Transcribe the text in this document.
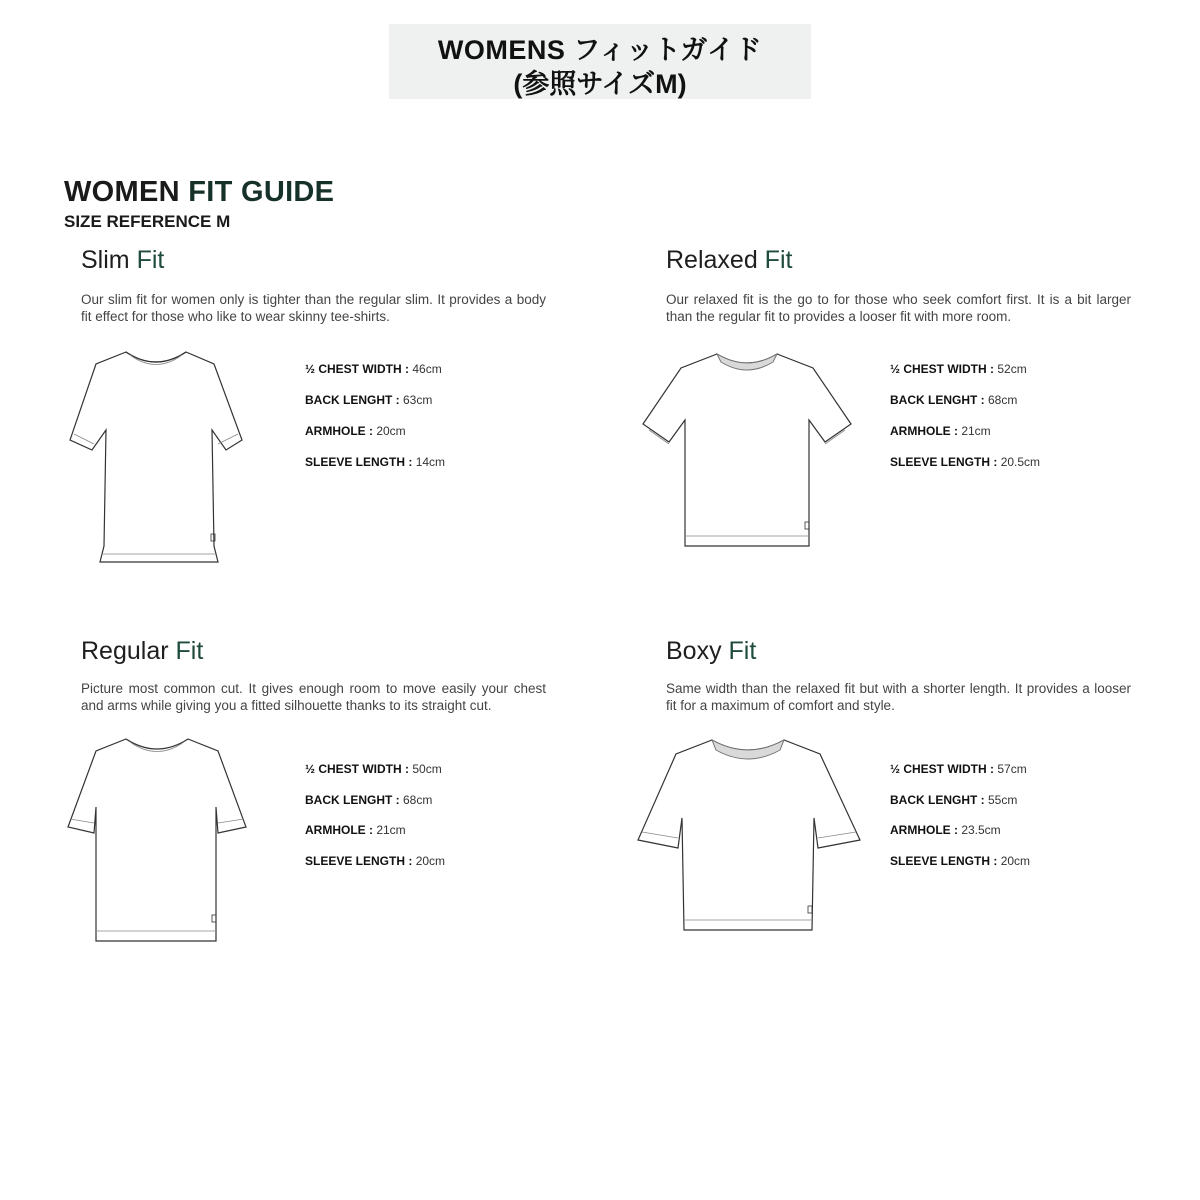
WOMENS フィットガイド
(参照サイズM)
WOMEN FIT GUIDE
SIZE REFERENCE M
Slim Fit
Our slim fit for women only is tighter than the regular slim. It provides a body fit effect for those who like to wear skinny tee-shirts.
½ CHEST WIDTH : 46cm
BACK LENGHT : 63cm
ARMHOLE : 20cm
SLEEVE LENGTH : 14cm
Relaxed Fit
Our relaxed fit is the go to for those who seek comfort first. It is a bit larger than the regular fit to provides a looser fit with more room.
½ CHEST WIDTH : 52cm
BACK LENGHT : 68cm
ARMHOLE : 21cm
SLEEVE LENGTH : 20.5cm
Regular Fit
Picture most common cut. It gives enough room to move easily your chest and arms while giving you a fitted silhouette thanks to its straight cut.
½ CHEST WIDTH : 50cm
BACK LENGHT : 68cm
ARMHOLE : 21cm
SLEEVE LENGTH : 20cm
Boxy Fit
Same width than the relaxed fit but with a shorter length. It provides a looser fit for a maximum of comfort and style.
½ CHEST WIDTH : 57cm
BACK LENGHT : 55cm
ARMHOLE : 23.5cm
SLEEVE LENGTH : 20cm
